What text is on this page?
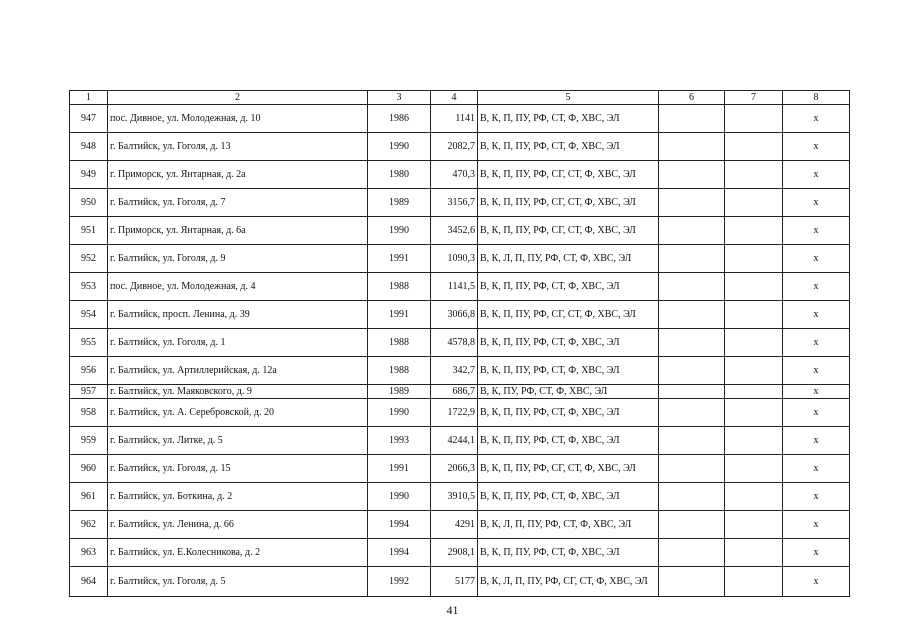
1	2	3	4	5	6	7	8
947	пос. Дивное, ул. Молодежная, д. 10	1986	1141	В, К, П, ПУ, РФ, СТ, Ф, ХВС, ЭЛ			х
948	г. Балтийск, ул. Гоголя, д. 13	1990	2082,7	В, К, П, ПУ, РФ, СТ, Ф, ХВС, ЭЛ			х
949	г. Приморск, ул. Янтарная, д. 2а	1980	470,3	В, К, П, ПУ, РФ, СГ, СТ, Ф, ХВС, ЭЛ			х
950	г. Балтийск, ул. Гоголя, д. 7	1989	3156,7	В, К, П, ПУ, РФ, СГ, СТ, Ф, ХВС, ЭЛ			х
951	г. Приморск, ул. Янтарная, д. 6а	1990	3452,6	В, К, П, ПУ, РФ, СГ, СТ, Ф, ХВС, ЭЛ			х
952	г. Балтийск, ул. Гоголя, д. 9	1991	1090,3	В, К, Л, П, ПУ, РФ, СТ, Ф, ХВС, ЭЛ			х
953	пос. Дивное, ул. Молодежная, д. 4	1988	1141,5	В, К, П, ПУ, РФ, СТ, Ф, ХВС, ЭЛ			х
954	г. Балтийск, просп. Ленина, д. 39	1991	3066,8	В, К, П, ПУ, РФ, СГ, СТ, Ф, ХВС, ЭЛ			х
955	г. Балтийск, ул. Гоголя, д. 1	1988	4578,8	В, К, П, ПУ, РФ, СТ, Ф, ХВС, ЭЛ			х
956	г. Балтийск, ул. Артиллерийская, д. 12а	1988	342,7	В, К, П, ПУ, РФ, СТ, Ф, ХВС, ЭЛ			х
957	г. Балтийск, ул. Маяковского, д. 9	1989	686,7	В, К, ПУ, РФ, СТ, Ф, ХВС, ЭЛ			х
958	г. Балтийск, ул. А. Серебровской, д. 20	1990	1722,9	В, К, П, ПУ, РФ, СТ, Ф, ХВС, ЭЛ			х
959	г. Балтийск, ул. Литке, д. 5	1993	4244,1	В, К, П, ПУ, РФ, СТ, Ф, ХВС, ЭЛ			х
960	г. Балтийск, ул. Гоголя, д. 15	1991	2066,3	В, К, П, ПУ, РФ, СГ, СТ, Ф, ХВС, ЭЛ			х
961	г. Балтийск, ул. Боткина, д. 2	1990	3910,5	В, К, П, ПУ, РФ, СТ, Ф, ХВС, ЭЛ			х
962	г. Балтийск, ул. Ленина, д. 66	1994	4291	В, К, Л, П, ПУ, РФ, СТ, Ф, ХВС, ЭЛ			х
963	г. Балтийск, ул. Е.Колесникова, д. 2	1994	2908,1	В, К, П, ПУ, РФ, СТ, Ф, ХВС, ЭЛ			х
964	г. Балтийск, ул. Гоголя, д. 5	1992	5177	В, К, Л, П, ПУ, РФ, СГ, СТ, Ф, ХВС, ЭЛ			х
41
